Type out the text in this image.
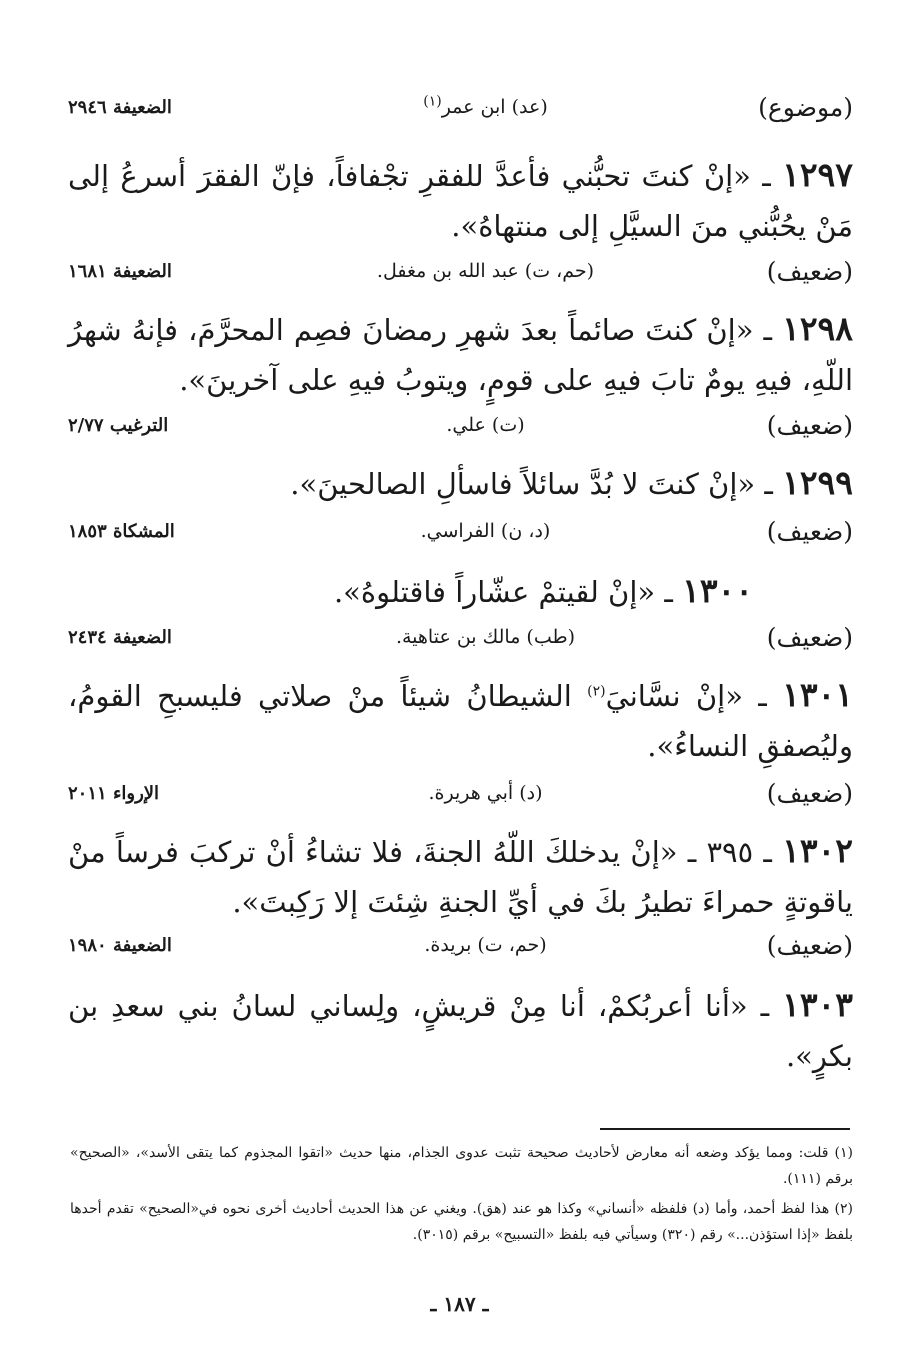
(موضوع)
(عد) ابن عمر$^{(١)}$
الضعيفة ٢٩٤٦
١٢٩٧ ـ «إنْ كنتَ تحبُّني فأعدَّ للفقرِ تجْفافاً، فإنّ الفقرَ أسرعُ إلى مَنْ يحُبُّني منَ السيَّلِ إلى منتهاهُ».
(ضعيف)
(حم، ت) عبد الله بن مغفل.
الضعيفة ١٦٨١
١٢٩٨ ـ «إنْ كنتَ صائماً بعدَ شهرِ رمضانَ فصِم المحرَّمَ، فإنهُ شهرُ اللّهِ، فيهِ يومٌ تابَ فيهِ على قومٍ، ويتوبُ فيهِ على آخرينَ».
(ضعيف)
(ت) علي.
الترغيب ٢/٧٧
١٢٩٩ ـ «إنْ كنتَ لا بُدَّ سائلاً فاسألِ الصالحينَ».
(ضعيف)
(د، ن) الفراسي.
المشكاة ١٨٥٣
١٣٠٠ ـ «إنْ لقيتمْ عشّاراً فاقتلوهُ».
(ضعيف)
(طب) مالك بن عتاهية.
الضعيفة ٢٤٣٤
١٣٠١ ـ «إنْ نسَّانيَ$^{(٢)}$ الشيطانُ شيئاً منْ صلاتي فليسبحِ القومُ، وليُصفقِ النساءُ».
(ضعيف)
(د) أبي هريرة.
الإرواء ٢٠١١
١٣٠٢ ـ ٣٩٥ ـ «إنْ يدخلكَ اللّهُ الجنةَ، فلا تشاءُ أنْ تركبَ فرساً منْ ياقوتةٍ حمراءَ تطيرُ بكَ في أيِّ الجنةِ شِئتَ إلا رَكِبتَ».
(ضعيف)
(حم، ت) بريدة.
الضعيفة ١٩٨٠
١٣٠٣ ـ «أنا أعربُكمْ، أنا مِنْ قريشٍ، ولِساني لسانُ بني سعدِ بن بكرٍ».
(١) قلت: ومما يؤكد وضعه أنه معارض لأحاديث صحيحة تثبت عدوى الجذام، منها حديث «اتقوا المجذوم كما يتقى الأسد»، «الصحيح» برقم (١١١).
(٢) هذا لفظ أحمد، وأما (د) فلفظه «أنساني» وكذا هو عند (هق). ويغني عن هذا الحديث أحاديث أخرى نحوه في«الصحيح» تقدم أحدها بلفظ «إذا استؤذن...» رقم (٣٢٠) وسيأتي فيه بلفظ «التسبيح» برقم (٣٠١٥).
ـ ١٨٧ ـ
